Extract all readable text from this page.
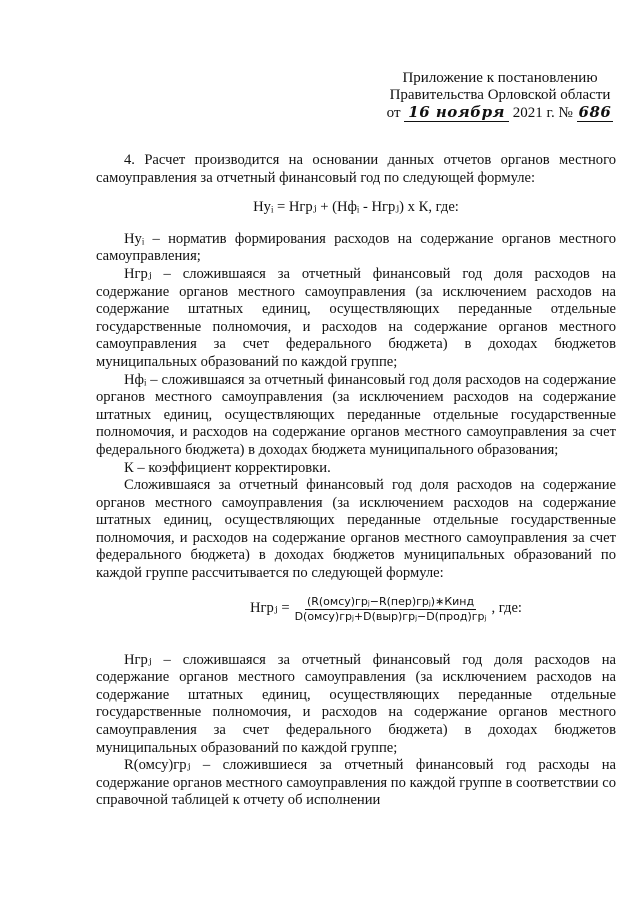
Приложение к постановлению
Правительства Орловской области
от 16 ноября 2021 г. № 686

4. Расчет производится на основании данных отчетов органов местного самоуправления за отчетный финансовый год по следующей формуле:

Нуᵢ = Нгрⱼ + (Нфᵢ - Нгрⱼ) х К, где:

Нуᵢ – норматив формирования расходов на содержание органов местного самоуправления;

Нгрⱼ – сложившаяся за отчетный финансовый год доля расходов на содержание органов местного самоуправления (за исключением расходов на содержание штатных единиц, осуществляющих переданные отдельные государственные полномочия, и расходов на содержание органов местного самоуправления за счет федерального бюджета) в доходах бюджетов муниципальных образований по каждой группе;

Нфᵢ – сложившаяся за отчетный финансовый год доля расходов на содержание органов местного самоуправления (за исключением расходов на содержание штатных единиц, осуществляющих переданные отдельные государственные полномочия, и расходов на содержание органов местного самоуправления за счет федерального бюджета) в доходах бюджета муниципального образования;

К – коэффициент корректировки.

Сложившаяся за отчетный финансовый год доля расходов на содержание органов местного самоуправления (за исключением расходов на содержание штатных единиц, осуществляющих переданные отдельные государственные полномочия, и расходов на содержание органов местного самоуправления за счет федерального бюджета) в доходах бюджетов муниципальных образований по каждой группе рассчитывается по следующей формуле:

Нгрⱼ = $\frac{\text{(R(омсу)грⱼ−R(пер)грⱼ)∗Кинд}}{\text{D(омсу)грⱼ+D(выр)грⱼ−D(прод)грⱼ}}$ , где:

Нгрⱼ – сложившаяся за отчетный финансовый год доля расходов на содержание органов местного самоуправления (за исключением расходов на содержание штатных единиц, осуществляющих переданные отдельные государственные полномочия, и расходов на содержание органов местного самоуправления за счет федерального бюджета) в доходах бюджетов муниципальных образований по каждой группе;

R(омсу)грⱼ – сложившиеся за отчетный финансовый год расходы на содержание органов местного самоуправления по каждой группе в соответствии со справочной таблицей к отчету об исполнении
